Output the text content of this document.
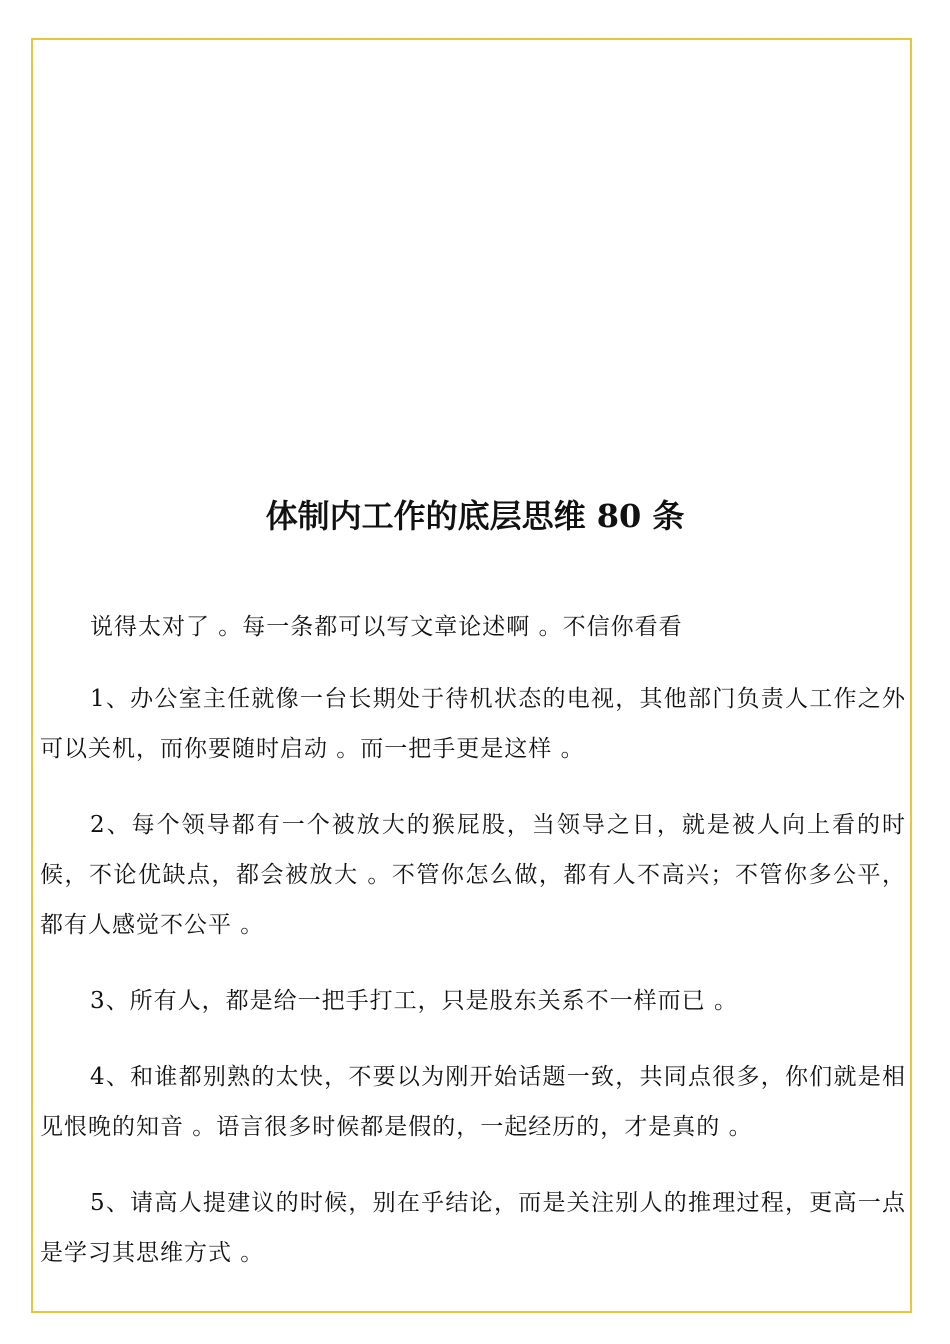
体制内工作的底层思维 80 条

说得太对了 。每一条都可以写文章论述啊 。不信你看看

1、办公室主任就像一台长期处于待机状态的电视，其他部门负责人工作之外可以关机，而你要随时启动 。而一把手更是这样 。

2、每个领导都有一个被放大的猴屁股，当领导之日，就是被人向上看的时候，不论优缺点，都会被放大 。不管你怎么做，都有人不高兴；不管你多公平，都有人感觉不公平 。

3、所有人，都是给一把手打工，只是股东关系不一样而已 。

4、和谁都别熟的太快，不要以为刚开始话题一致，共同点很多，你们就是相见恨晚的知音 。语言很多时候都是假的，一起经历的，才是真的 。

5、请高人提建议的时候，别在乎结论，而是关注别人的推理过程，更高一点是学习其思维方式 。
